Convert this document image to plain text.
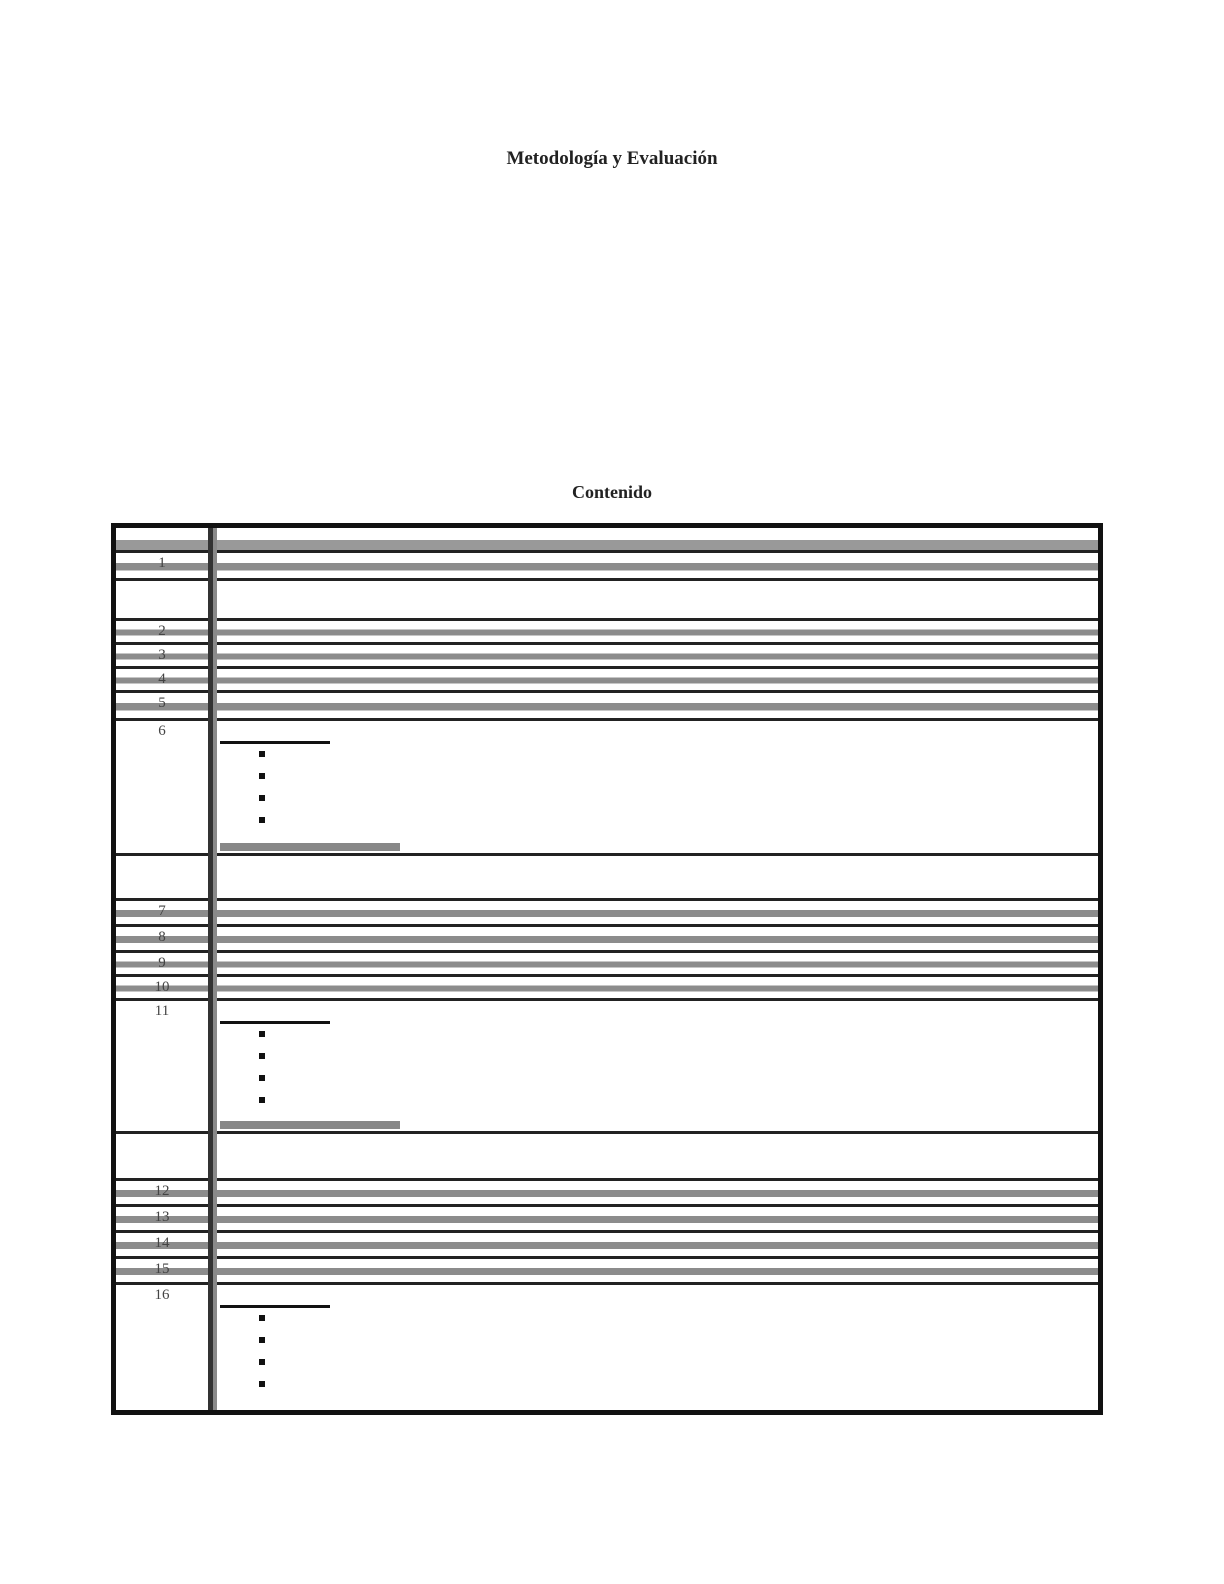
Metodología y Evaluación
Contenido
1
2
3
4
5
6
7
8
9
10
11
12
13
14
15
16
